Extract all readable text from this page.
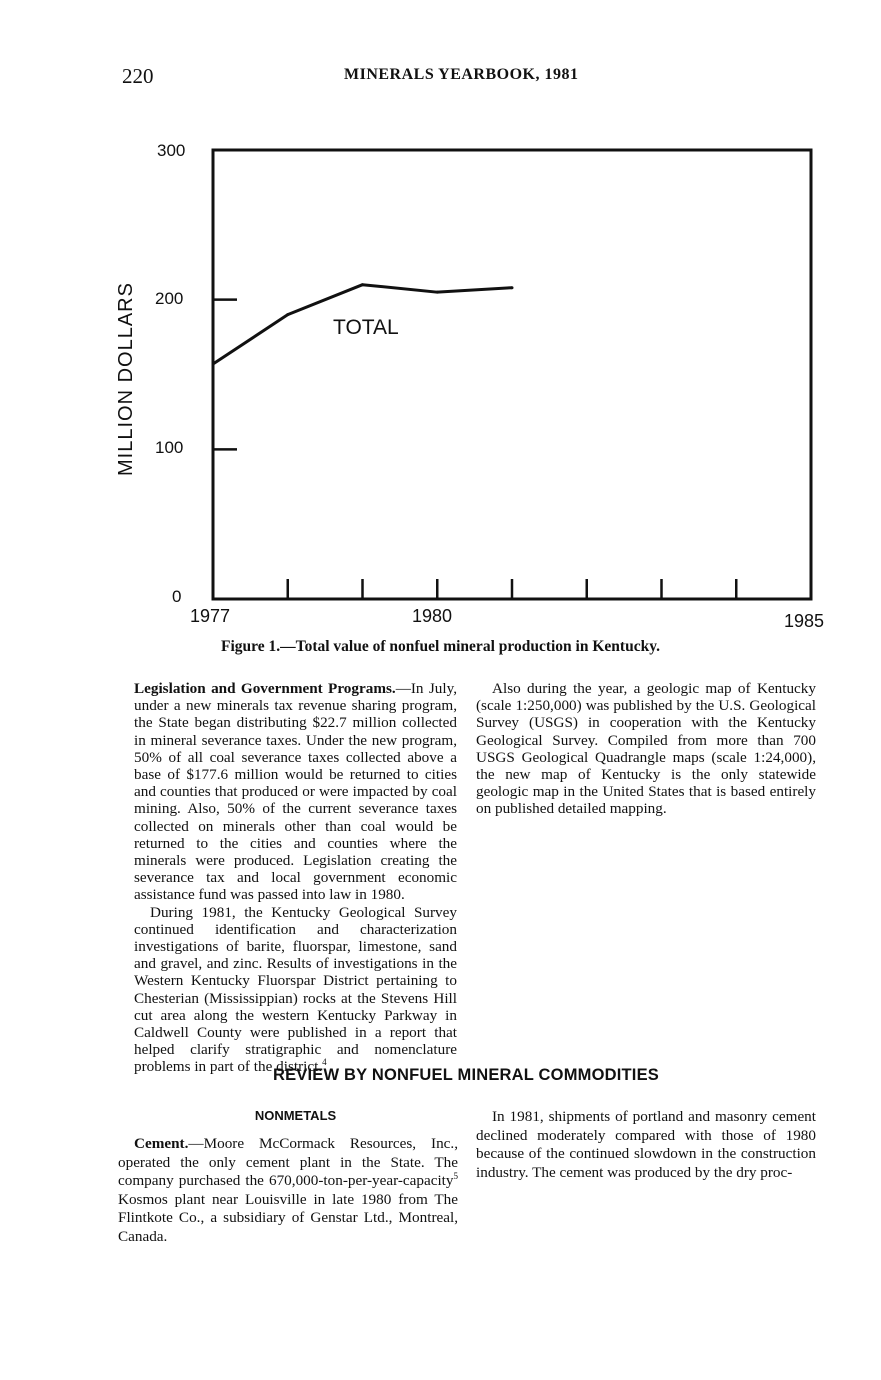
220	MINERALS YEARBOOK, 1981
TOTAL
MILLION DOLLARS
1977	1980	1985
300
200
100
0
Figure 1.—Total value of nonfuel mineral production in Kentucky.

Legislation and Government Programs.—In July, under a new minerals tax revenue sharing program, the State began distributing $22.7 million collected in mineral severance taxes. Under the new program, 50% of all coal severance taxes collected above a base of $177.6 million would be returned to cities and counties that produced or were impacted by coal mining. Also, 50% of the current severance taxes collected on minerals other than coal would be returned to the cities and counties where the minerals were produced. Legislation creating the severance tax and local government economic assistance fund was passed into law in 1980.

During 1981, the Kentucky Geological Survey continued identification and characterization investigations of barite, fluorspar, limestone, sand and gravel, and zinc. Results of investigations in the Western Kentucky Fluorspar District pertaining to Chesterian (Mississippian) rocks at the Stevens Hill cut area along the western Kentucky Parkway in Caldwell County were published in a report that helped clarify stratigraphic and nomenclature problems in part of the district.$^4$

Also during the year, a geologic map of Kentucky (scale 1:250,000) was published by the U.S. Geological Survey (USGS) in cooperation with the Kentucky Geological Survey. Compiled from more than 700 USGS Geological Quadrangle maps (scale 1:24,000), the new map of Kentucky is the only statewide geologic map in the United States that is based entirely on published detailed mapping.

REVIEW BY NONFUEL MINERAL COMMODITIES
NONMETALS

Cement.—Moore McCormack Resources, Inc., operated the only cement plant in the State. The company purchased the 670,000-ton-per-year-capacity$^5$ Kosmos plant near Louisville in late 1980 from The Flintkote Co., a subsidiary of Genstar Ltd., Montreal, Canada.

In 1981, shipments of portland and masonry cement declined moderately compared with those of 1980 because of the continued slowdown in the construction industry. The cement was produced by the dry proc-
